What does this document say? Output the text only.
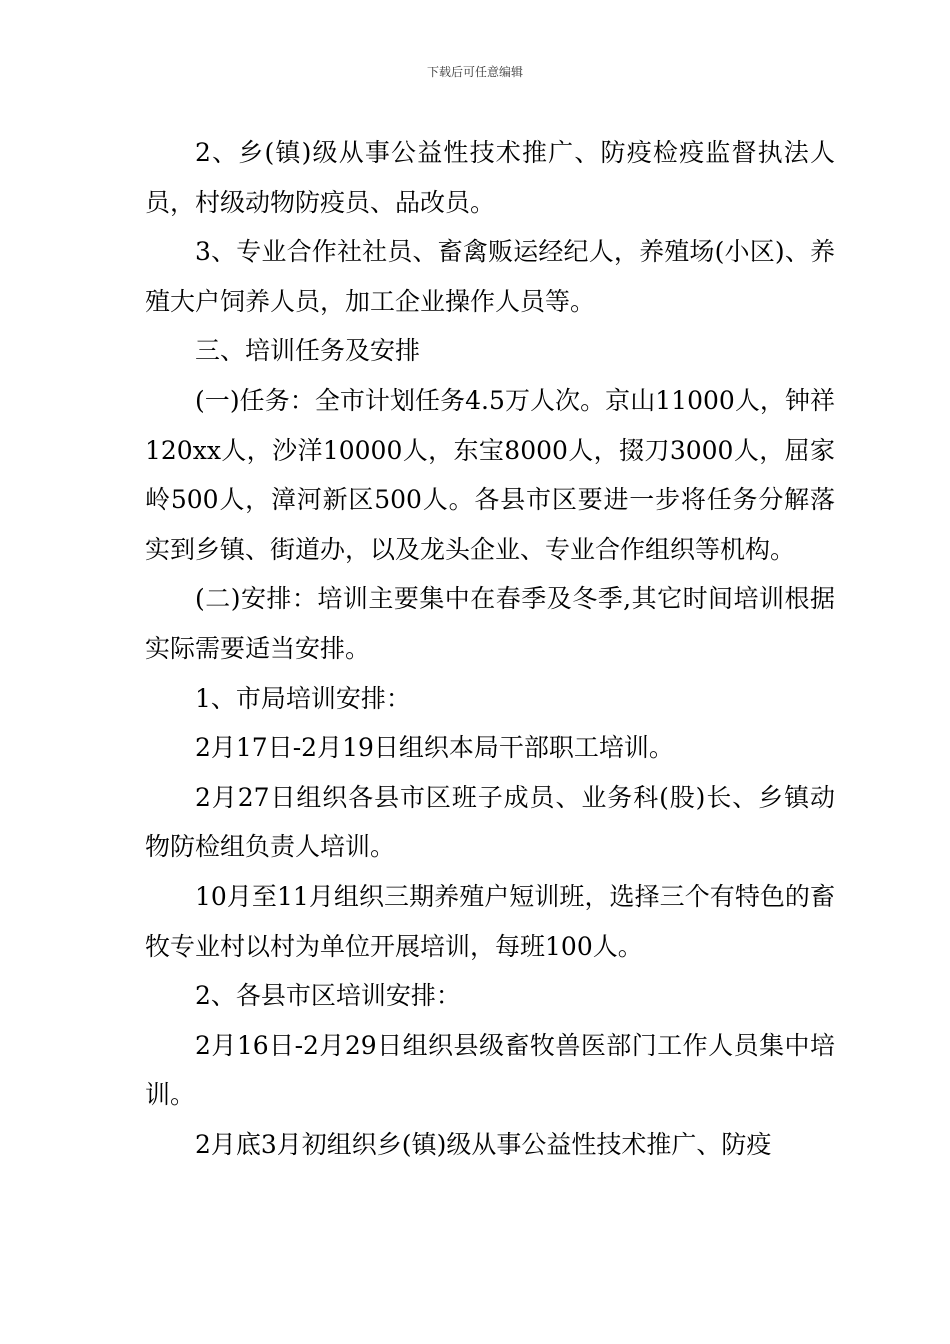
下载后可任意编辑

2、乡(镇)级从事公益性技术推广、防疫检疫监督执法人员，村级动物防疫员、品改员。

3、专业合作社社员、畜禽贩运经纪人，养殖场(小区)、养殖大户饲养人员，加工企业操作人员等。

三、培训任务及安排

(一)任务：全市计划任务4.5万人次。京山11000人，钟祥120xx人，沙洋10000人，东宝8000人，掇刀3000人，屈家岭500人，漳河新区500人。各县市区要进一步将任务分解落实到乡镇、街道办，以及龙头企业、专业合作组织等机构。

(二)安排：培训主要集中在春季及冬季,其它时间培训根据实际需要适当安排。

1、市局培训安排：

2月17日-2月19日组织本局干部职工培训。

2月27日组织各县市区班子成员、业务科(股)长、乡镇动物防检组负责人培训。

10月至11月组织三期养殖户短训班，选择三个有特色的畜牧专业村以村为单位开展培训，每班100人。

2、各县市区培训安排：

2月16日-2月29日组织县级畜牧兽医部门工作人员集中培训。

2月底3月初组织乡(镇)级从事公益性技术推广、防疫
